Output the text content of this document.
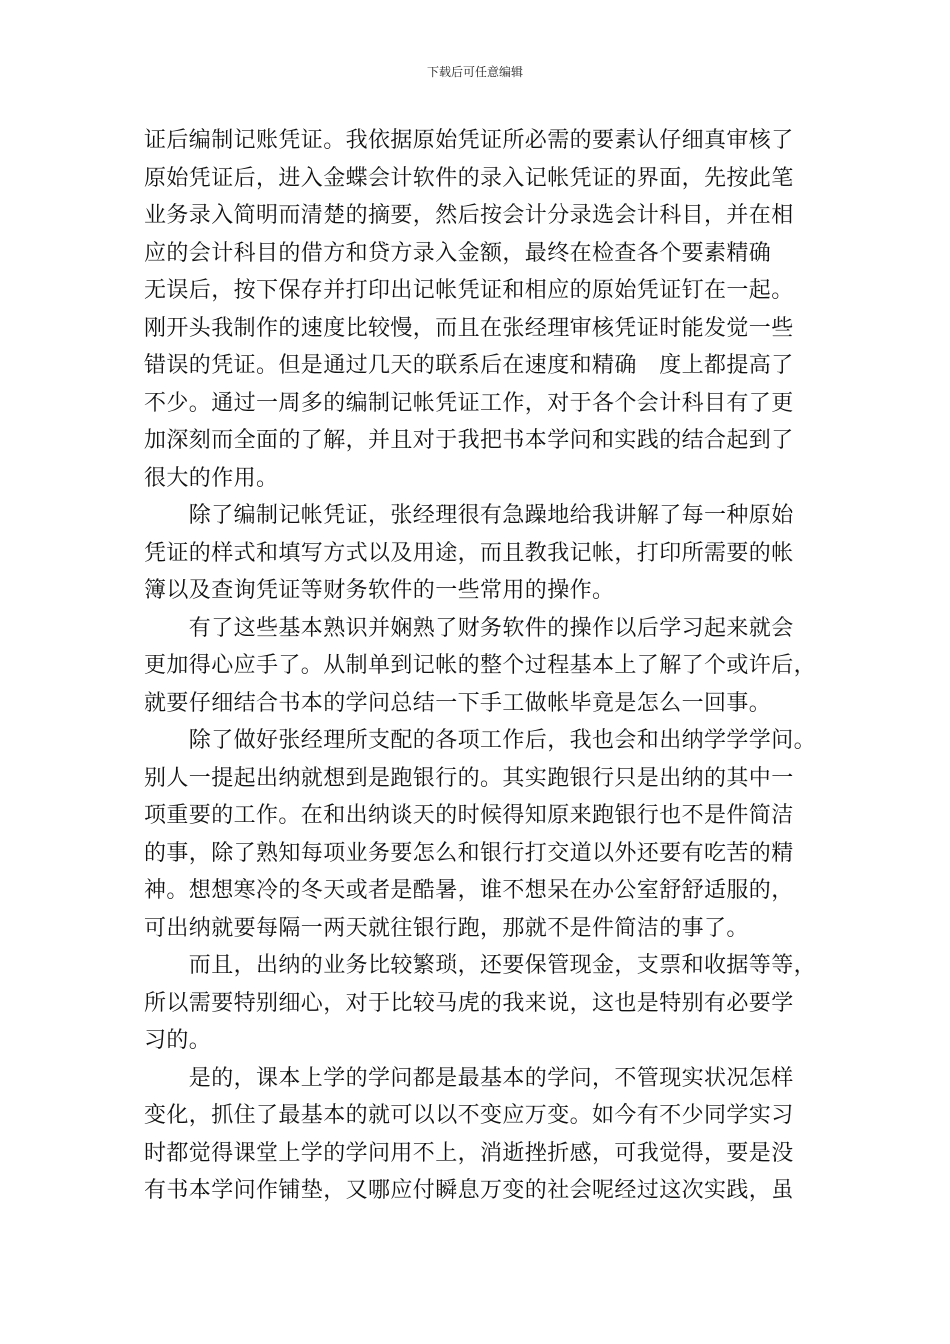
下载后可任意编辑
证后编制记账凭证。我依据原始凭证所必需的要素认仔细真审核了
原始凭证后，进入金蝶会计软件的录入记帐凭证的界面，先按此笔
业务录入简明而清楚的摘要，然后按会计分录选会计科目，并在相
应的会计科目的借方和贷方录入金额，最终在检查各个要素精确
无误后，按下保存并打印出记帐凭证和相应的原始凭证钉在一起。
刚开头我制作的速度比较慢，而且在张经理审核凭证时能发觉一些
错误的凭证。但是通过几天的联系后在速度和精确　度上都提高了
不少。通过一周多的编制记帐凭证工作，对于各个会计科目有了更
加深刻而全面的了解，并且对于我把书本学问和实践的结合起到了
很大的作用。
　　除了编制记帐凭证，张经理很有急躁地给我讲解了每一种原始
凭证的样式和填写方式以及用途，而且教我记帐，打印所需要的帐
簿以及查询凭证等财务软件的一些常用的操作。
　　有了这些基本熟识并娴熟了财务软件的操作以后学习起来就会
更加得心应手了。从制单到记帐的整个过程基本上了解了个或许后，
就要仔细结合书本的学问总结一下手工做帐毕竟是怎么一回事。
　　除了做好张经理所支配的各项工作后，我也会和出纳学学学问。
别人一提起出纳就想到是跑银行的。其实跑银行只是出纳的其中一
项重要的工作。在和出纳谈天的时候得知原来跑银行也不是件简洁
的事，除了熟知每项业务要怎么和银行打交道以外还要有吃苦的精
神。想想寒冷的冬天或者是酷暑，谁不想呆在办公室舒舒适服的，
可出纳就要每隔一两天就往银行跑，那就不是件简洁的事了。
　　而且，出纳的业务比较繁琐，还要保管现金，支票和收据等等，
所以需要特别细心，对于比较马虎的我来说，这也是特别有必要学
习的。
　　是的，课本上学的学问都是最基本的学问，不管现实状况怎样
变化，抓住了最基本的就可以以不变应万变。如今有不少同学实习
时都觉得课堂上学的学问用不上，消逝挫折感，可我觉得，要是没
有书本学问作铺垫，又哪应付瞬息万变的社会呢经过这次实践，虽
